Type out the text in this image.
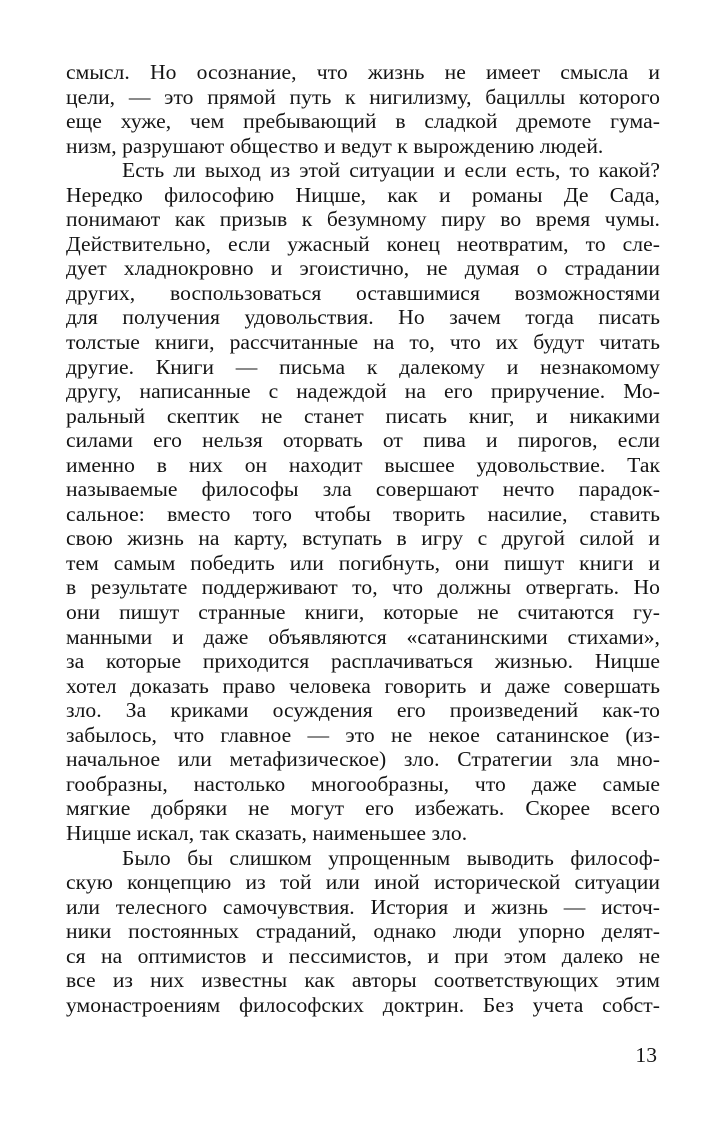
смысл. Но осознание, что жизнь не имеет смысла и
цели, — это прямой путь к нигилизму, бациллы которого
еще хуже, чем пребывающий в сладкой дремоте гума-
низм, разрушают общество и ведут к вырождению людей.
Есть ли выход из этой ситуации и если есть, то какой?
Нередко философию Ницше, как и романы Де Сада,
понимают как призыв к безумному пиру во время чумы.
Действительно, если ужасный конец неотвратим, то сле-
дует хладнокровно и эгоистично, не думая о страдании
других, воспользоваться оставшимися возможностями
для получения удовольствия. Но зачем тогда писать
толстые книги, рассчитанные на то, что их будут читать
другие. Книги — письма к далекому и незнакомому
другу, написанные с надеждой на его приручение. Мо-
ральный скептик не станет писать книг, и никакими
силами его нельзя оторвать от пива и пирогов, если
именно в них он находит высшее удовольствие. Так
называемые философы зла совершают нечто парадок-
сальное: вместо того чтобы творить насилие, ставить
свою жизнь на карту, вступать в игру с другой силой и
тем самым победить или погибнуть, они пишут книги и
в результате поддерживают то, что должны отвергать. Но
они пишут странные книги, которые не считаются гу-
манными и даже объявляются «сатанинскими стихами»,
за которые приходится расплачиваться жизнью. Ницше
хотел доказать право человека говорить и даже совершать
зло. За криками осуждения его произведений как-то
забылось, что главное — это не некое сатанинское (из-
начальное или метафизическое) зло. Стратегии зла мно-
гообразны, настолько многообразны, что даже самые
мягкие добряки не могут его избежать. Скорее всего
Ницше искал, так сказать, наименьшее зло.
Было бы слишком упрощенным выводить философ-
скую концепцию из той или иной исторической ситуации
или телесного самочувствия. История и жизнь — источ-
ники постоянных страданий, однако люди упорно делят-
ся на оптимистов и пессимистов, и при этом далеко не
все из них известны как авторы соответствующих этим
умонастроениям философских доктрин. Без учета собст-
13
